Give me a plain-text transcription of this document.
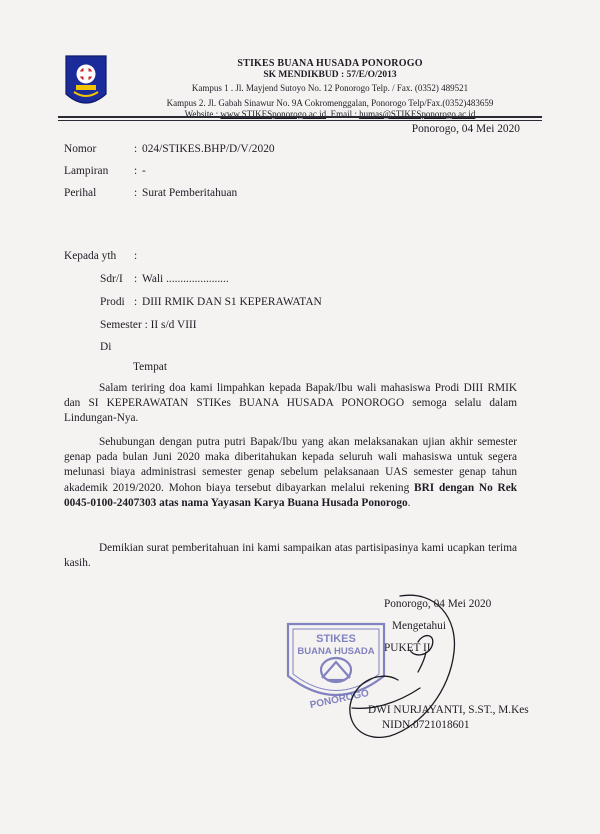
STIKES BUANA HUSADA PONOROGO
SK MENDIKBUD : 57/E/O/2013
Kampus 1 . Jl. Mayjend Sutoyo No. 12 Ponorogo Telp. / Fax. (0352) 489521
Kampus 2. Jl. Gabah Sinawur No. 9A Cokromenggalan, Ponorogo Telp/Fax.(0352)483659
Website : www.STIKESponorogo.ac.id. Email : humas@STIKESponorogo.ac.id
Ponorogo, 04 Mei 2020
Nomor	: 024/STIKES.BHP/D/V/2020
Lampiran : -
Perihal	: Surat Pemberitahuan
Kepada yth :
Sdr/I : Wali ......................
Prodi : DIII RMIK DAN S1 KEPERAWATAN
Semester : II s/d VIII
Di
Tempat
Salam teriring doa kami limpahkan kepada Bapak/Ibu wali mahasiswa Prodi DIII RMIK dan SI KEPERAWATAN STIKes BUANA HUSADA PONOROGO semoga selalu dalam Lindungan-Nya.
Sehubungan dengan putra putri Bapak/Ibu yang akan melaksanakan ujian akhir semester genap pada bulan Juni 2020 maka diberitahukan kepada seluruh wali mahasiswa untuk segera melunasi biaya administrasi semester genap sebelum pelaksanaan UAS semester genap tahun akademik 2019/2020. Mohon biaya tersebut dibayarkan melalui rekening BRI dengan No Rek 0045-0100-2407303 atas nama Yayasan Karya Buana Husada Ponorogo.
Demikian surat pemberitahuan ini kami sampaikan atas partisipasinya kami ucapkan terima kasih.
Ponorogo, 04 Mei 2020
Mengetahui
PUKET II
STIKES
BUANA HUSADA
PONOROGO
DWI NURJAYANTI, S.ST., M.Kes
NIDN.0721018601
